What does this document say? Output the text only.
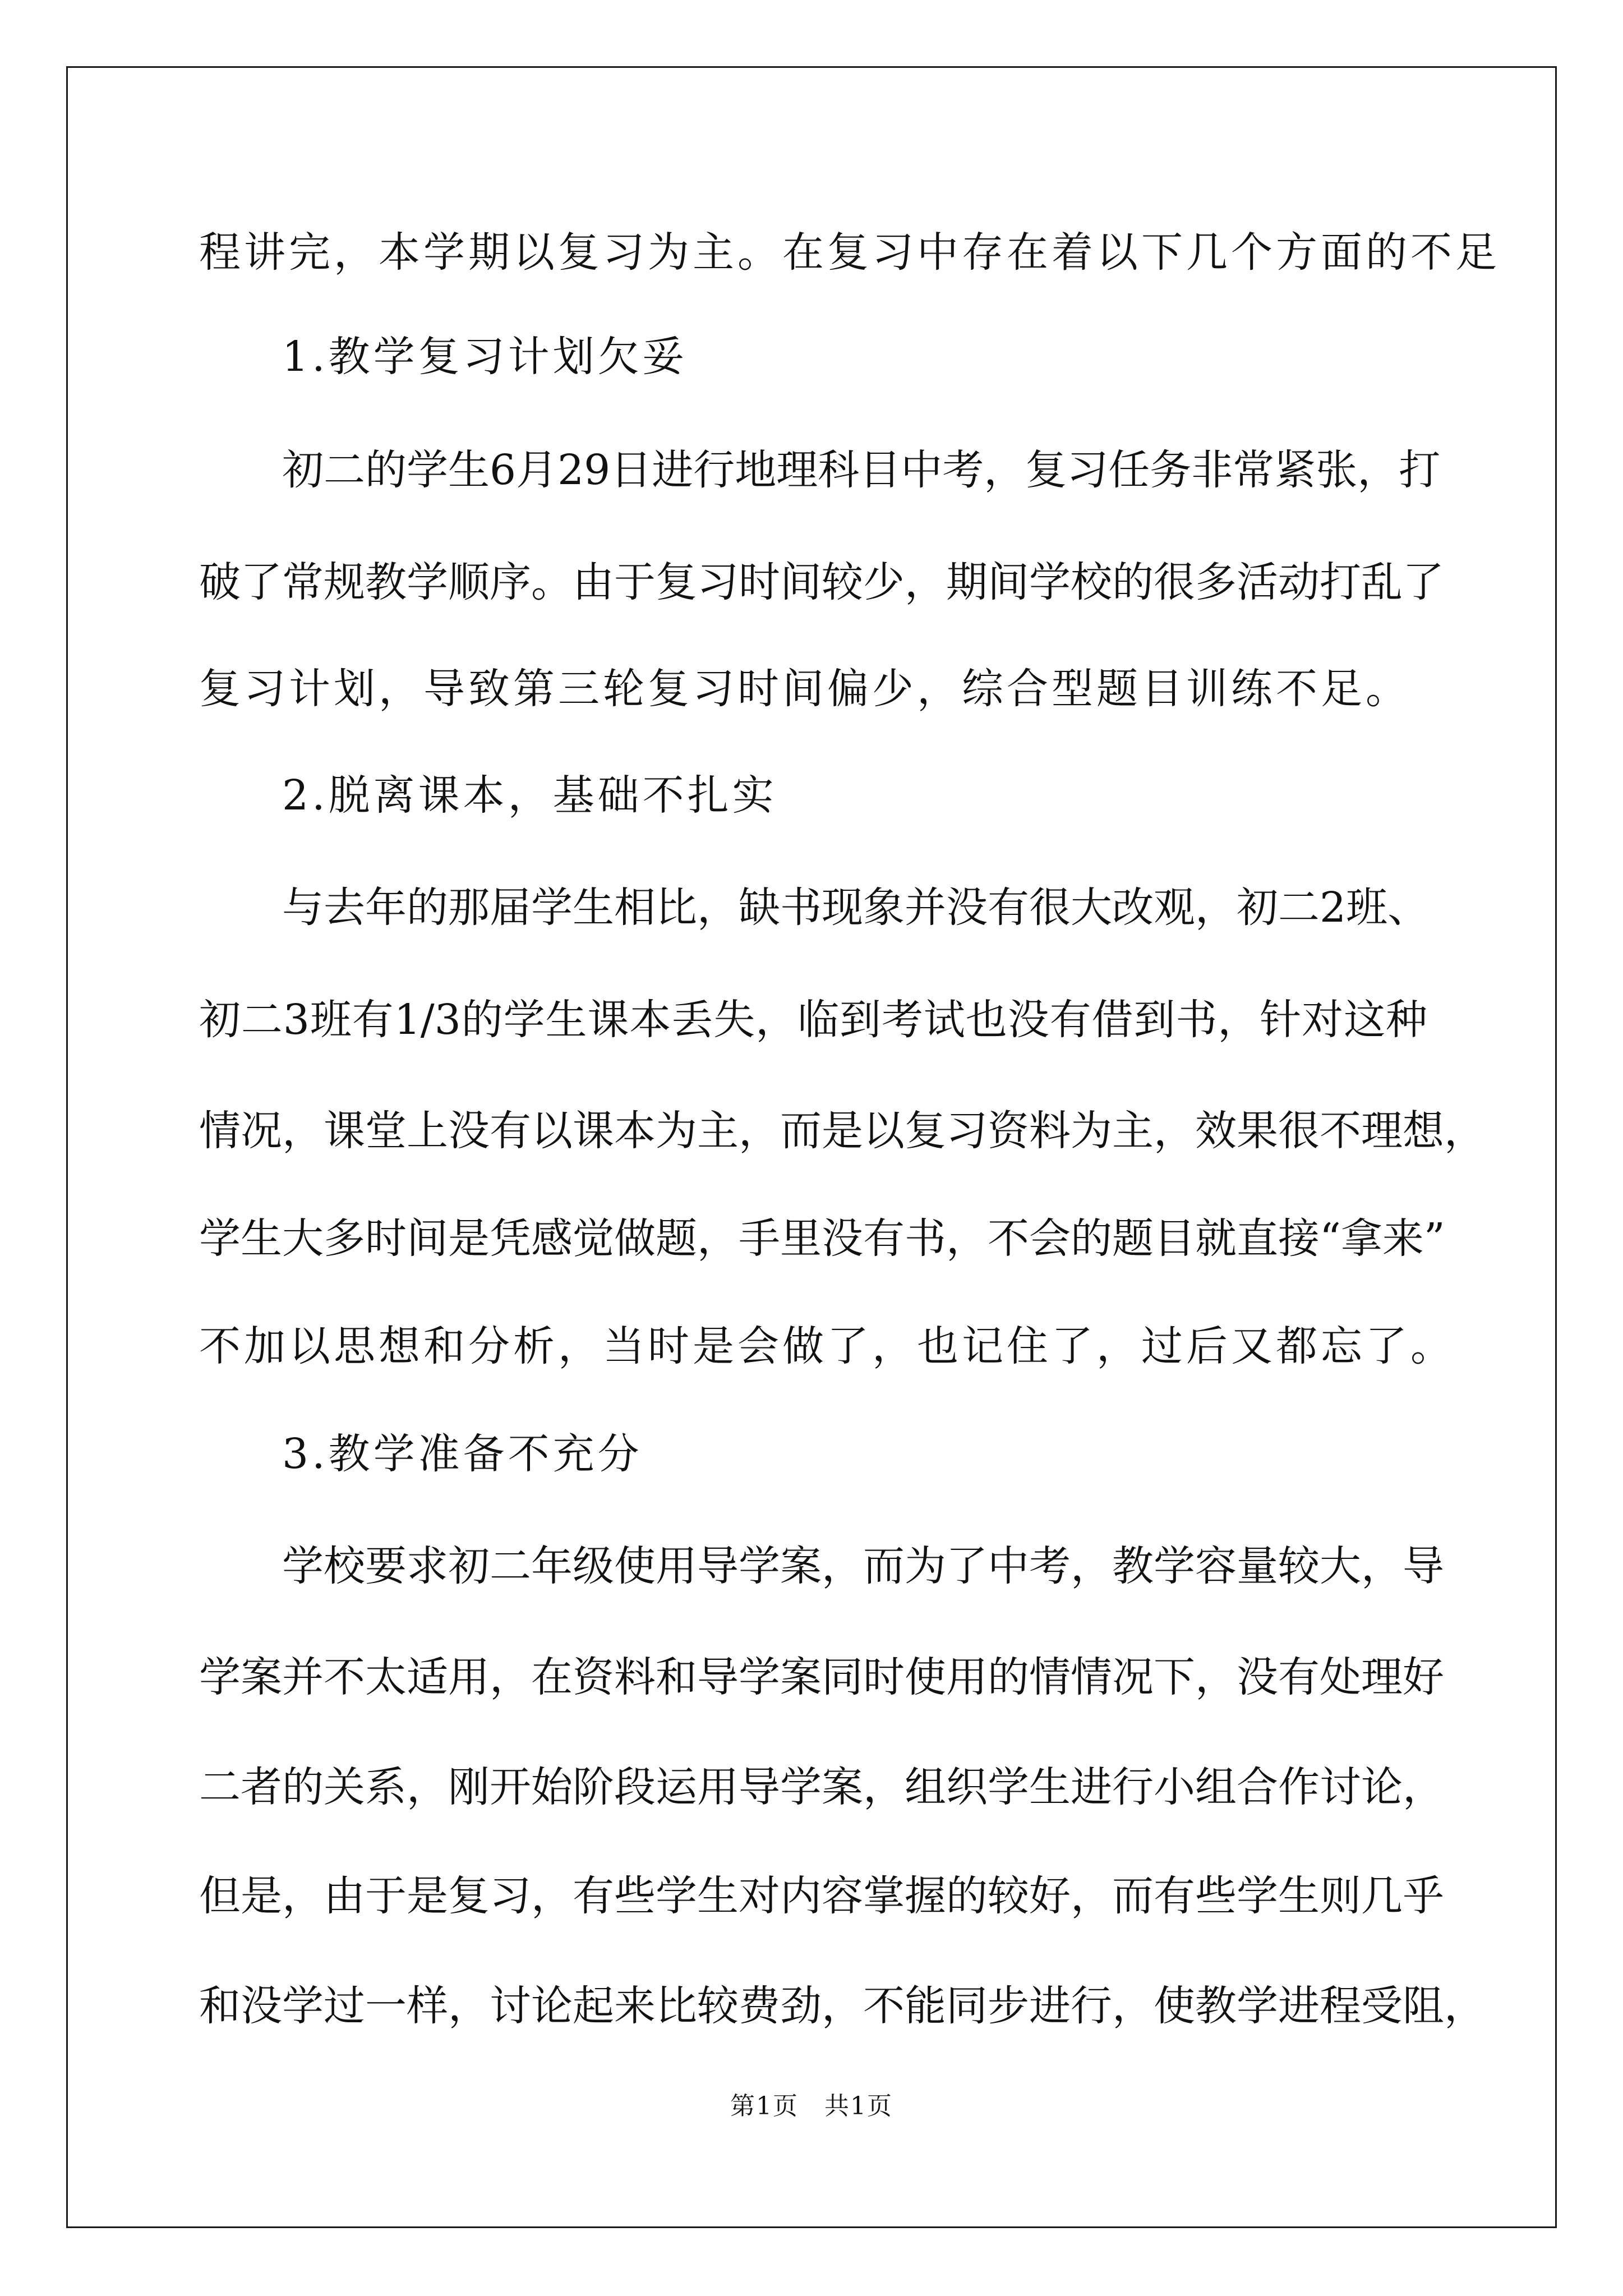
程讲完，本学期以复习为主。在复习中存在着以下几个方面的不足
1.教学复习计划欠妥
初二的学生6月29日进行地理科目中考，复习任务非常紧张，打
破了常规教学顺序。由于复习时间较少，期间学校的很多活动打乱了
复习计划，导致第三轮复习时间偏少，综合型题目训练不足。
2.脱离课本，基础不扎实
与去年的那届学生相比，缺书现象并没有很大改观，初二2班、
初二3班有1/3的学生课本丢失，临到考试也没有借到书，针对这种
情况，课堂上没有以课本为主，而是以复习资料为主，效果很不理想，
学生大多时间是凭感觉做题，手里没有书，不会的题目就直接“拿来”
不加以思想和分析，当时是会做了，也记住了，过后又都忘了。
3.教学准备不充分
学校要求初二年级使用导学案，而为了中考，教学容量较大，导
学案并不太适用，在资料和导学案同时使用的情情况下，没有处理好
二者的关系，刚开始阶段运用导学案，组织学生进行小组合作讨论，
但是，由于是复习，有些学生对内容掌握的较好，而有些学生则几乎
和没学过一样，讨论起来比较费劲，不能同步进行，使教学进程受阻，
第1页　共1页
